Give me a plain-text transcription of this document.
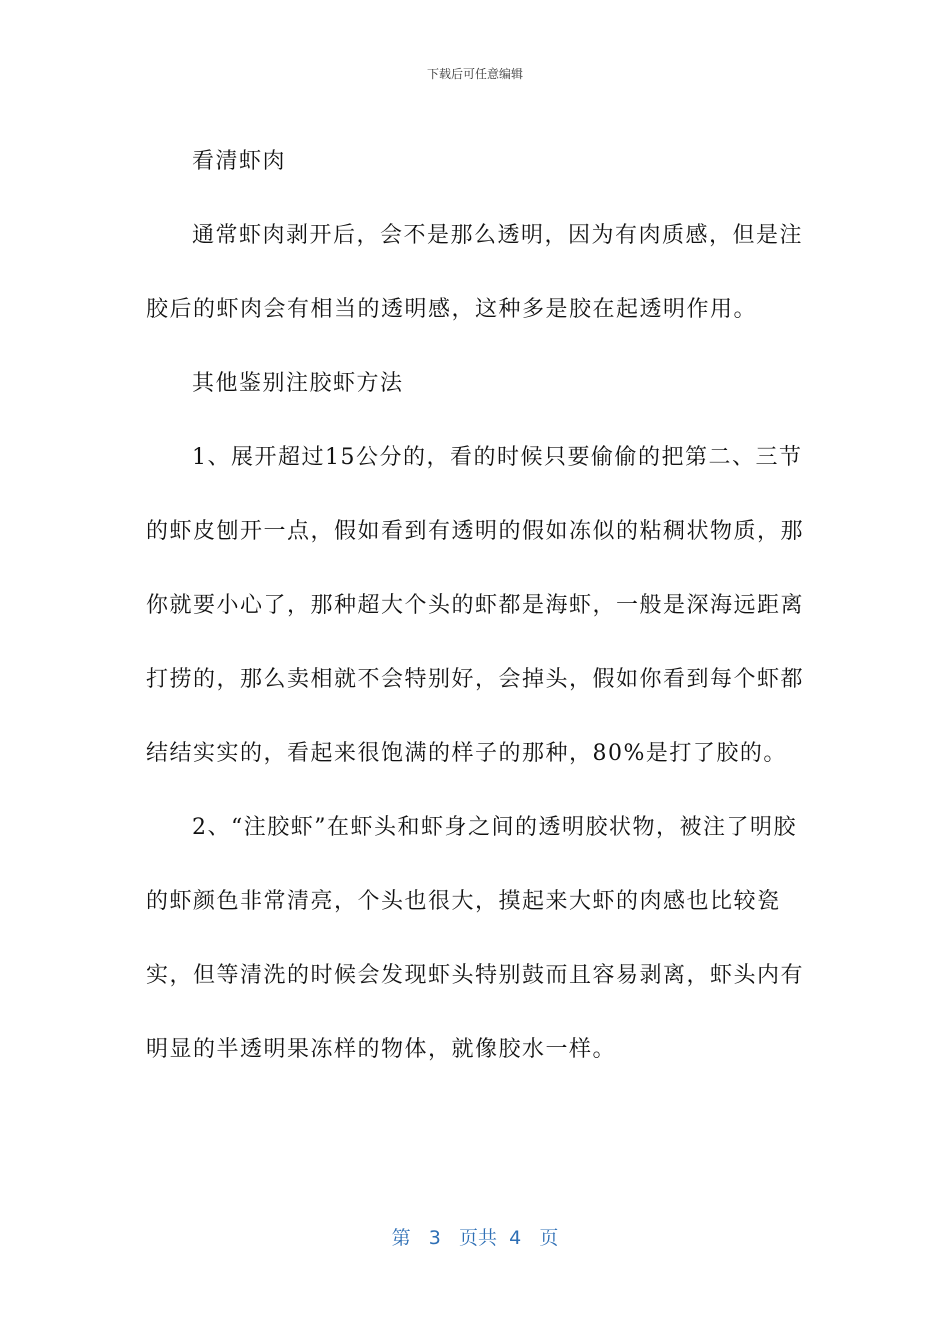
下载后可任意编辑

看清虾肉

通常虾肉剥开后，会不是那么透明，因为有肉质感，但是注胶后的虾肉会有相当的透明感，这种多是胶在起透明作用。

其他鉴别注胶虾方法

1、展开超过15公分的，看的时候只要偷偷的把第二、三节的虾皮刨开一点，假如看到有透明的假如冻似的粘稠状物质，那你就要小心了，那种超大个头的虾都是海虾，一般是深海远距离打捞的，那么卖相就不会特别好，会掉头，假如你看到每个虾都结结实实的，看起来很饱满的样子的那种，80%是打了胶的。

2、“注胶虾”在虾头和虾身之间的透明胶状物，被注了明胶的虾颜色非常清亮，个头也很大，摸起来大虾的肉感也比较瓷实，但等清洗的时候会发现虾头特别鼓而且容易剥离，虾头内有明显的半透明果冻样的物体，就像胶水一样。

第 3 页共 4 页
